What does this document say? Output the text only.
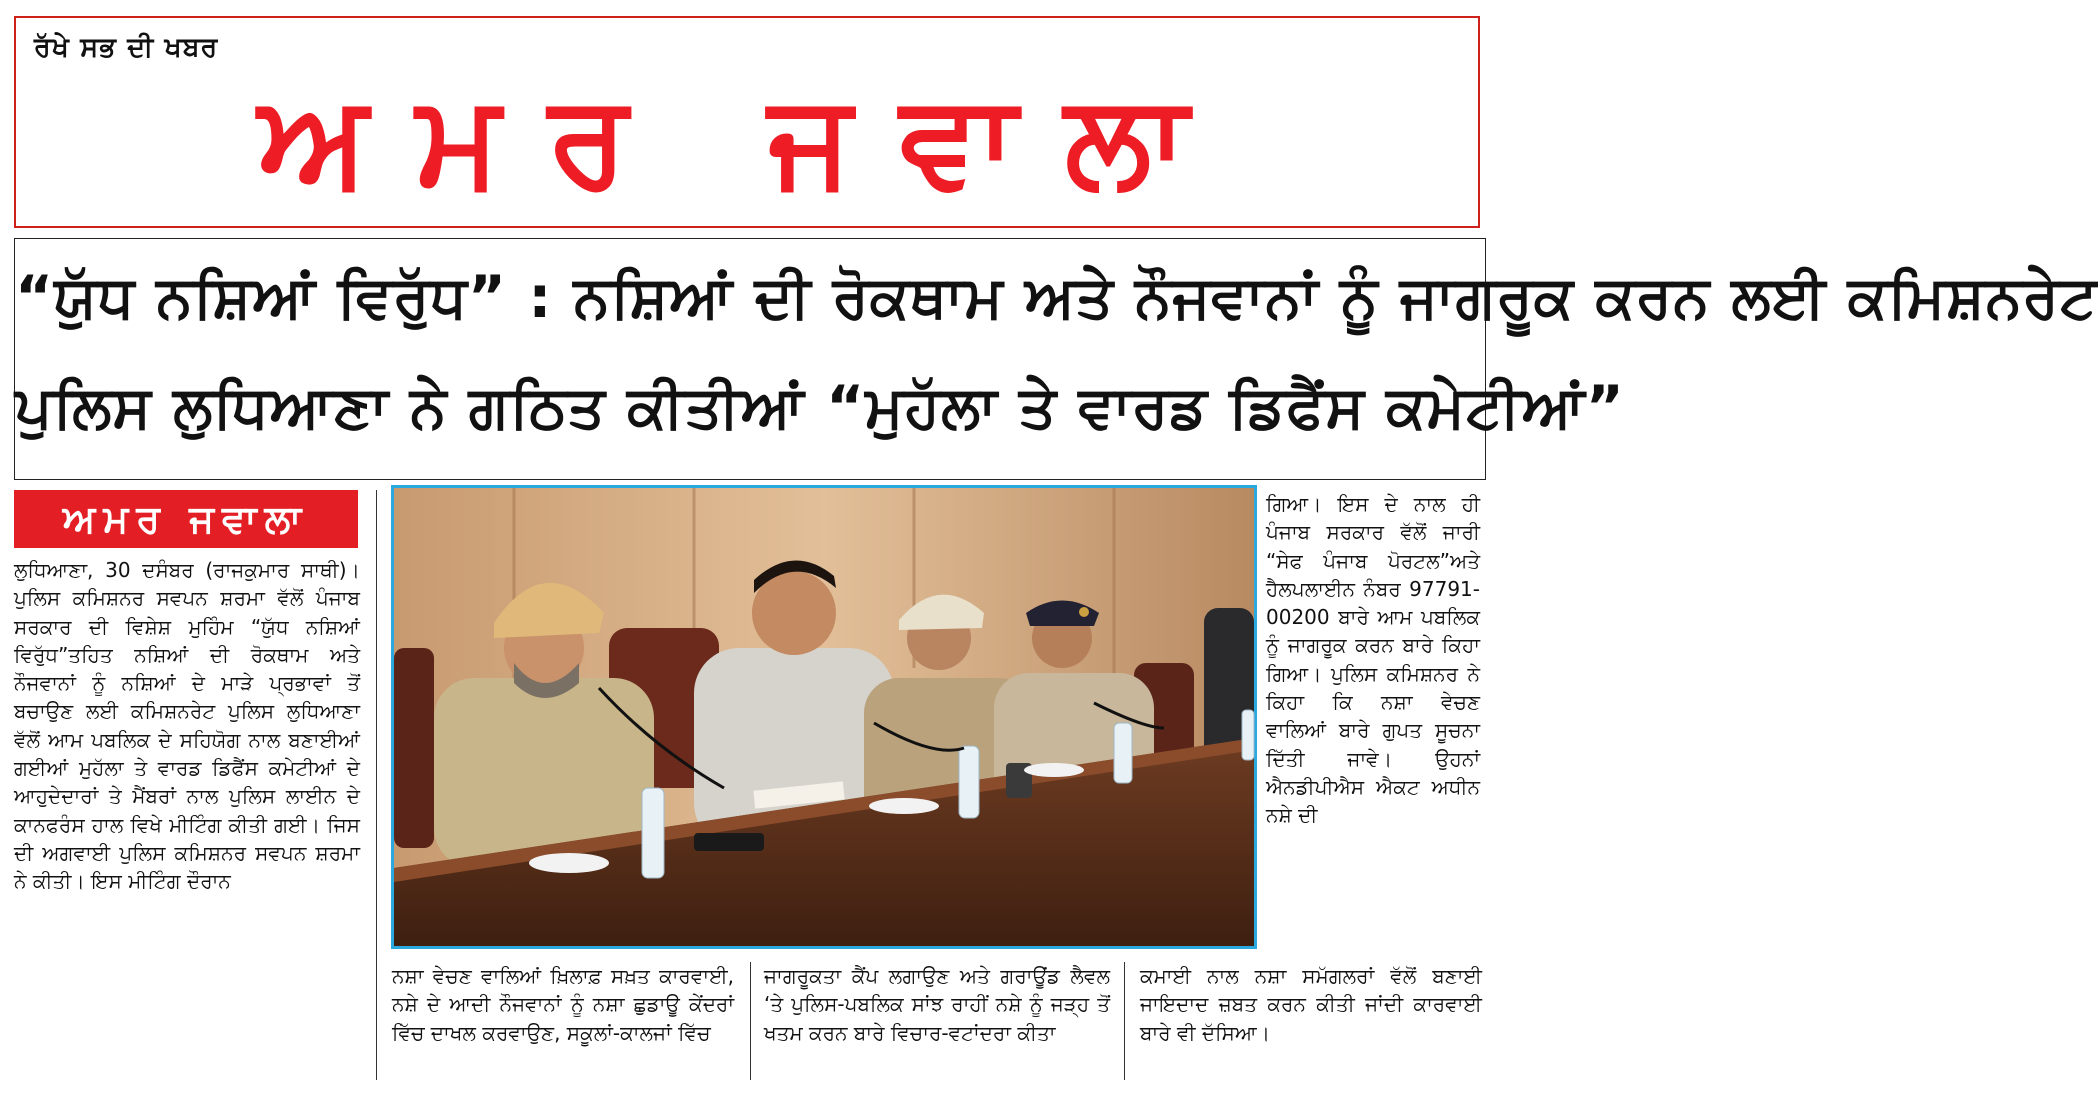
ਰੱਖੇ ਸਭ ਦੀ ਖਬਰ
ਅਮਰ ਜਵਾਲਾ
“ਯੁੱਧ ਨਸ਼ਿਆਂ ਵਿਰੁੱਧ” : ਨਸ਼ਿਆਂ ਦੀ ਰੋਕਥਾਮ ਅਤੇ ਨੌਜਵਾਨਾਂ ਨੂੰ ਜਾਗਰੂਕ ਕਰਨ ਲਈ ਕਮਿਸ਼ਨਰੇਟ
ਪੁਲਿਸ ਲੁਧਿਆਣਾ ਨੇ ਗਠਿਤ ਕੀਤੀਆਂ “ਮੁਹੱਲਾ ਤੇ ਵਾਰਡ ਡਿਫੈਂਸ ਕਮੇਟੀਆਂ”
ਅਮਰ ਜਵਾਲਾ
ਲੁਧਿਆਣਾ, 30 ਦਸੰਬਰ (ਰਾਜਕੁਮਾਰ ਸਾਥੀ)। ਪੁਲਿਸ ਕਮਿਸ਼ਨਰ ਸਵਪਨ ਸ਼ਰਮਾ ਵੱਲੋਂ ਪੰਜਾਬ ਸਰਕਾਰ ਦੀ ਵਿਸ਼ੇਸ਼ ਮੁਹਿੰਮ “ਯੁੱਧ ਨਸ਼ਿਆਂ ਵਿਰੁੱਧ”ਤਹਿਤ ਨਸ਼ਿਆਂ ਦੀ ਰੋਕਥਾਮ ਅਤੇ ਨੌਜਵਾਨਾਂ ਨੂੰ ਨਸ਼ਿਆਂ ਦੇ ਮਾੜੇ ਪ੍ਰਭਾਵਾਂ ਤੋਂ ਬਚਾਉਣ ਲਈ ਕਮਿਸ਼ਨਰੇਟ ਪੁਲਿਸ ਲੁਧਿਆਣਾ ਵੱਲੋਂ ਆਮ ਪਬਲਿਕ ਦੇ ਸਹਿਯੋਗ ਨਾਲ ਬਣਾਈਆਂ ਗਈਆਂ ਮੁਹੱਲਾ ਤੇ ਵਾਰਡ ਡਿਫੈਂਸ ਕਮੇਟੀਆਂ ਦੇ ਆਹੁਦੇਦਾਰਾਂ ਤੇ ਮੈਂਬਰਾਂ ਨਾਲ ਪੁਲਿਸ ਲਾਈਨ ਦੇ ਕਾਨਫਰੰਸ ਹਾਲ ਵਿਖੇ ਮੀਟਿੰਗ ਕੀਤੀ ਗਈ। ਜਿਸ ਦੀ ਅਗਵਾਈ ਪੁਲਿਸ ਕਮਿਸ਼ਨਰ ਸਵਪਨ ਸ਼ਰਮਾ ਨੇ ਕੀਤੀ। ਇਸ ਮੀਟਿੰਗ ਦੌਰਾਨ
ਨਸ਼ਾ ਵੇਚਣ ਵਾਲਿਆਂ ਖ਼ਿਲਾਫ਼ ਸਖ਼ਤ ਕਾਰਵਾਈ, ਨਸ਼ੇ ਦੇ ਆਦੀ ਨੌਜਵਾਨਾਂ ਨੂੰ ਨਸ਼ਾ ਛੁਡਾਊ ਕੇਂਦਰਾਂ ਵਿੱਚ ਦਾਖਲ ਕਰਵਾਉਣ, ਸਕੂਲਾਂ-ਕਾਲਜਾਂ ਵਿੱਚ
ਜਾਗਰੂਕਤਾ ਕੈਂਪ ਲਗਾਉਣ ਅਤੇ ਗਰਾਊਂਡ ਲੈਵਲ ‘ਤੇ ਪੁਲਿਸ-ਪਬਲਿਕ ਸਾਂਝ ਰਾਹੀਂ ਨਸ਼ੇ ਨੂੰ ਜੜ੍ਹ ਤੋਂ ਖਤਮ ਕਰਨ ਬਾਰੇ ਵਿਚਾਰ-ਵਟਾਂਦਰਾ ਕੀਤਾ
ਕਮਾਈ ਨਾਲ ਨਸ਼ਾ ਸਮੱਗਲਰਾਂ ਵੱਲੋਂ ਬਣਾਈ ਜਾਇਦਾਦ ਜ਼ਬਤ ਕਰਨ ਕੀਤੀ ਜਾਂਦੀ ਕਾਰਵਾਈ ਬਾਰੇ ਵੀ ਦੱਸਿਆ।
ਗਿਆ। ਇਸ ਦੇ ਨਾਲ ਹੀ ਪੰਜਾਬ ਸਰਕਾਰ ਵੱਲੋਂ ਜਾਰੀ “ਸੇਫ ਪੰਜਾਬ ਪੋਰਟਲ”ਅਤੇ ਹੈਲਪਲਾਈਨ ਨੰਬਰ 97791-00200 ਬਾਰੇ ਆਮ ਪਬਲਿਕ ਨੂੰ ਜਾਗਰੂਕ ਕਰਨ ਬਾਰੇ ਕਿਹਾ ਗਿਆ। ਪੁਲਿਸ ਕਮਿਸ਼ਨਰ ਨੇ ਕਿਹਾ ਕਿ ਨਸ਼ਾ ਵੇਚਣ ਵਾਲਿਆਂ ਬਾਰੇ ਗੁਪਤ ਸੂਚਨਾ ਦਿੱਤੀ ਜਾਵੇ। ਉਹਨਾਂ ਐਨਡੀਪੀਐਸ ਐਕਟ ਅਧੀਨ ਨਸ਼ੇ ਦੀ
